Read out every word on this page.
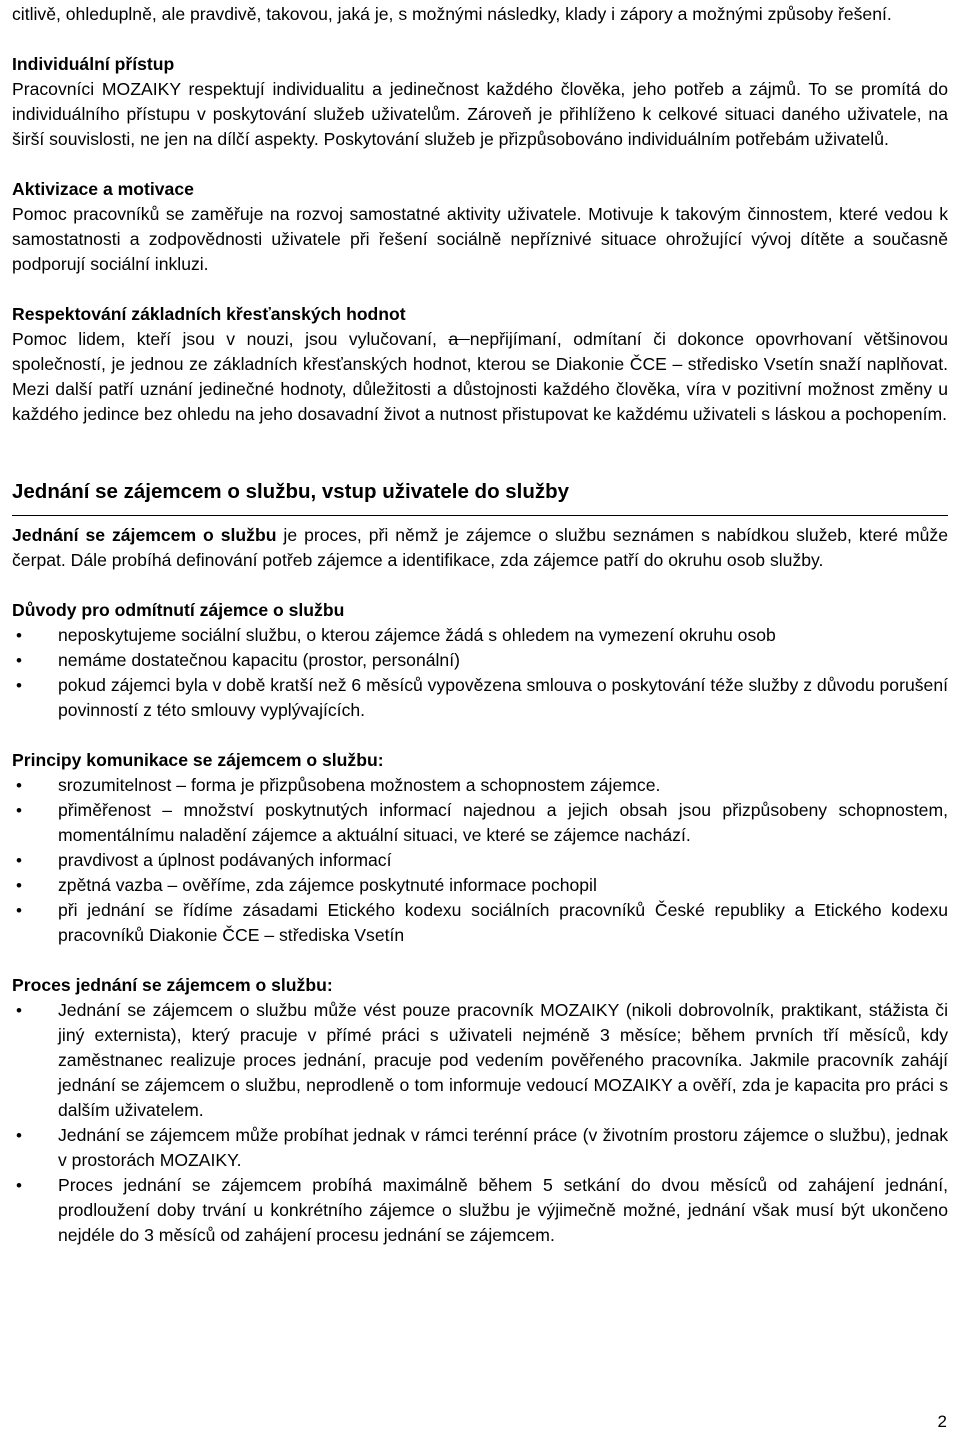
citlivě, ohleduplně, ale pravdivě, takovou, jaká je, s možnými následky, klady i zápory a možnými způsoby řešení.

Individuální přístup

Pracovníci MOZAIKY respektují individualitu a jedinečnost každého člověka, jeho potřeb a zájmů. To se promítá do individuálního přístupu v poskytování služeb uživatelům. Zároveň je přihlíženo k celkové situaci daného uživatele, na širší souvislosti, ne jen na dílčí aspekty. Poskytování služeb je přizpůsobováno individuálním potřebám uživatelů.

Aktivizace a motivace

Pomoc pracovníků se zaměřuje na rozvoj samostatné aktivity uživatele. Motivuje k takovým činnostem, které vedou k samostatnosti a zodpovědnosti uživatele při řešení sociálně nepříznivé situace ohrožující vývoj dítěte a současně podporují sociální inkluzi.

Respektování základních křesťanských hodnot

Pomoc lidem, kteří jsou v nouzi, jsou vylučovaní, a nepřijímaní, odmítaní či dokonce opovrhovaní většinovou společností, je jednou ze základních křesťanských hodnot, kterou se Diakonie ČCE – středisko Vsetín snaží naplňovat. Mezi další patří uznání jedinečné hodnoty, důležitosti a důstojnosti každého člověka, víra v pozitivní možnost změny u každého jedince bez ohledu na jeho dosavadní život a nutnost přistupovat ke každému uživateli s láskou a pochopením.

Jednání se zájemcem o službu, vstup uživatele do služby

Jednání se zájemcem o službu je proces, při němž je zájemce o službu seznámen s nabídkou služeb, které může čerpat. Dále probíhá definování potřeb zájemce a identifikace, zda zájemce patří do okruhu osob služby.

Důvody pro odmítnutí zájemce o službu

• neposkytujeme sociální službu, o kterou zájemce žádá s ohledem na vymezení okruhu osob
• nemáme dostatečnou kapacitu (prostor, personální)
• pokud zájemci byla v době kratší než 6 měsíců vypovězena smlouva o poskytování téže služby z důvodu porušení povinností z této smlouvy vyplývajících.

Principy komunikace se zájemcem o službu:

• srozumitelnost – forma je přizpůsobena možnostem a schopnostem zájemce.
• přiměřenost – množství poskytnutých informací najednou a jejich obsah jsou přizpůsobeny schopnostem, momentálnímu naladění zájemce a aktuální situaci, ve které se zájemce nachází.
• pravdivost a úplnost podávaných informací
• zpětná vazba – ověříme, zda zájemce poskytnuté informace pochopil
• při jednání se řídíme zásadami Etického kodexu sociálních pracovníků České republiky a Etického kodexu pracovníků Diakonie ČCE – střediska Vsetín

Proces jednání se zájemcem o službu:

• Jednání se zájemcem o službu může vést pouze pracovník MOZAIKY (nikoli dobrovolník, praktikant, stážista či jiný externista), který pracuje v přímé práci s uživateli nejméně 3 měsíce; během prvních tří měsíců, kdy zaměstnanec realizuje proces jednání, pracuje pod vedením pověřeného pracovníka. Jakmile pracovník zahájí jednání se zájemcem o službu, neprodleně o tom informuje vedoucí MOZAIKY a ověří, zda je kapacita pro práci s dalším uživatelem.
• Jednání se zájemcem může probíhat jednak v rámci terénní práce (v životním prostoru zájemce o službu), jednak v prostorách MOZAIKY.
• Proces jednání se zájemcem probíhá maximálně během 5 setkání do dvou měsíců od zahájení jednání, prodloužení doby trvání u konkrétního zájemce o službu je výjimečně možné, jednání však musí být ukončeno nejdéle do 3 měsíců od zahájení procesu jednání se zájemcem.
2
